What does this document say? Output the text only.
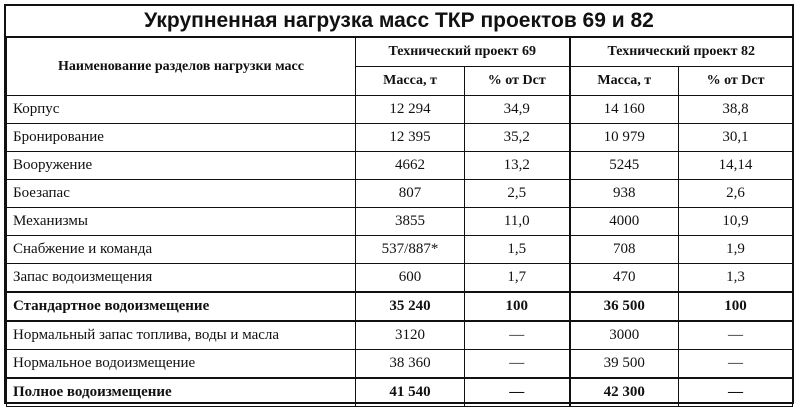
Укрупненная нагрузка масс ТКР проектов 69 и 82
Наименование разделов нагрузки масс	Технический проект 69		Технический проект 82	
	Масса, т	% от Dст	Масса, т	% от Dст
Корпус	12 294	34,9	14 160	38,8
Бронирование	12 395	35,2	10 979	30,1
Вооружение	4662	13,2	5245	14,14
Боезапас	807	2,5	938	2,6
Механизмы	3855	11,0	4000	10,9
Снабжение и команда	537/887*	1,5	708	1,9
Запас водоизмещения	600	1,7	470	1,3
Стандартное водоизмещение	35 240	100	36 500	100
Нормальный запас топлива, воды и масла	3120	—	3000	—
Нормальное водоизмещение	38 360	—	39 500	—
Полное водоизмещение	41 540	—	42 300	—
